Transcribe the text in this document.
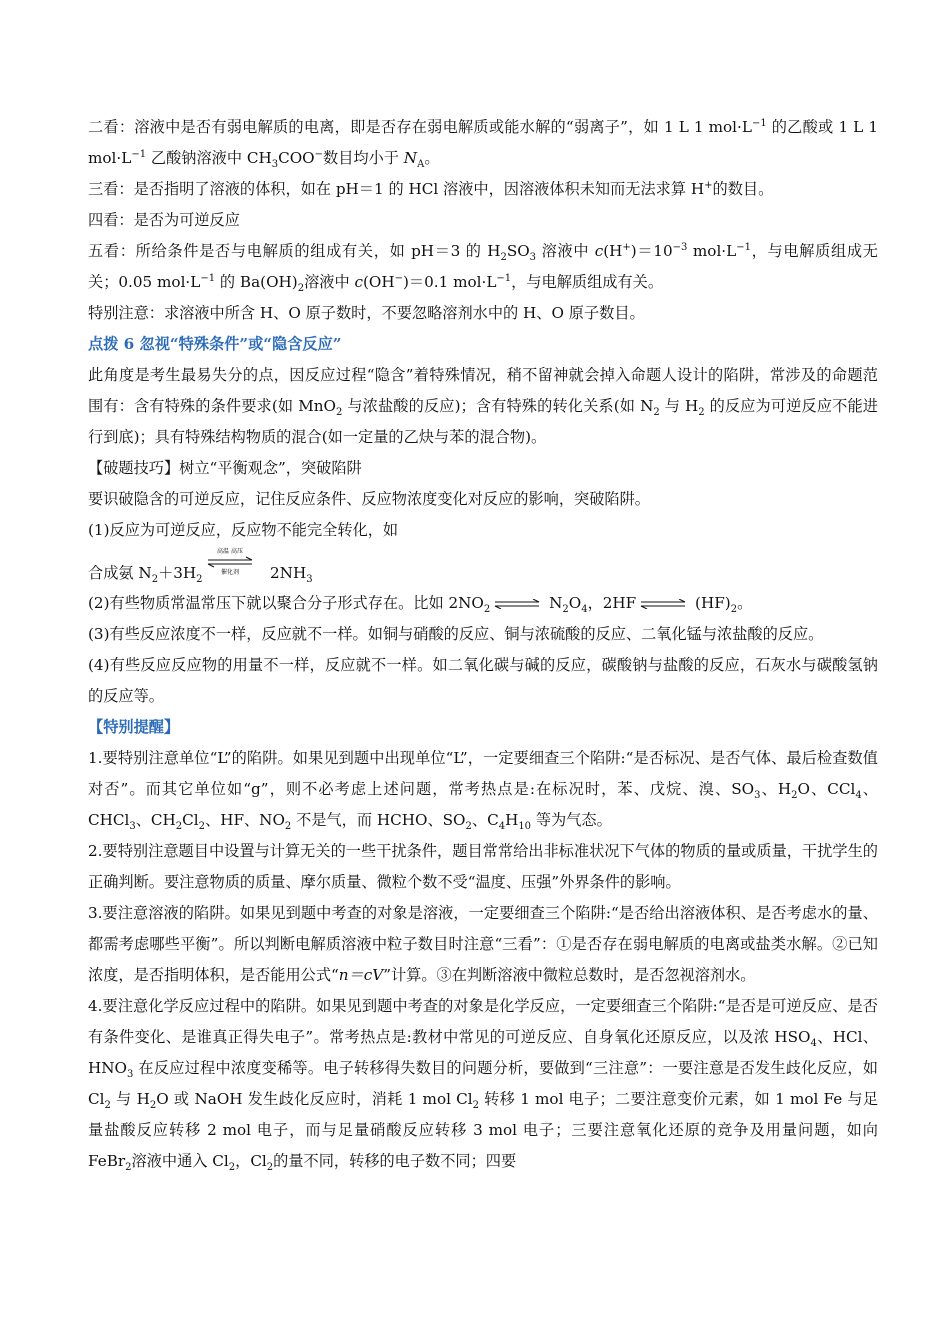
二看：溶液中是否有弱电解质的电离，即是否存在弱电解质或能水解的“弱离子”，如 1 L 1 $mol\cdot L^{-1}$ 的乙酸或 1 L 1 $mol\cdot L^{-1}$ 乙酸钠溶液中 $CH_3COO^-$数目均小于 $N_A$。

三看：是否指明了溶液的体积，如在 pH＝1 的 HCl 溶液中，因溶液体积未知而无法求算 H+的数目。

四看：是否为可逆反应

五看：所给条件是否与电解质的组成有关，如 pH＝3 的 $H_2SO_3$ 溶液中 $c(H^+)=10^{-3}$ $mol\cdot L^{-1}$，与电解质组成无关；0.05 $mol\cdot L^{-1}$ 的 $Ba(OH)_2$溶液中 c(OH−)＝0.1 $mol\cdot L^{-1}$，与电解质组成有关。

特别注意：求溶液中所含 H、O 原子数时，不要忽略溶剂水中的 H、O 原子数目。

点拨 6 忽视“特殊条件”或“隐含反应”

此角度是考生最易失分的点，因反应过程“隐含”着特殊情况，稍不留神就会掉入命题人设计的陷阱，常涉及的命题范围有：含有特殊的条件要求(如 MnO$_2$ 与浓盐酸的反应)；含有特殊的转化关系(如 $N_2$ 与 $H_2$ 的反应为可逆反应不能进行到底)；具有特殊结构物质的混合(如一定量的乙炔与苯的混合物)。

【破题技巧】树立“平衡观念”，突破陷阱

要识破隐含的可逆反应，记住反应条件、反应物浓度变化对反应的影响，突破陷阱。

(1)反应为可逆反应，反应物不能完全转化，如

合成氨 $N_2+3H_2$
高温 高压
催化剂 $2NH_3$

(2)有些物质常温常压下就以聚合分子形式存在。比如 $2NO_2$ ⇌ $N_2O_4$，2HF ⇌ $(HF)_2$。

(3)有些反应浓度不一样，反应就不一样。如铜与硝酸的反应、铜与浓硫酸的反应、二氧化锰与浓盐酸的反应。

(4)有些反应反应物的用量不一样，反应就不一样。如二氧化碳与碱的反应，碳酸钠与盐酸的反应，石灰水与碳酸氢钠的反应等。

【特别提醒】

1.要特别注意单位“L”的陷阱。如果见到题中出现单位“L”，一定要细查三个陷阱:“是否标况、是否气体、最后检查数值对否”。而其它单位如“g”，则不必考虑上述问题，常考热点是:在标况时，苯、戊烷、溴、$SO_3$、$H_2O$、CCl$_4$、CHCl$_3$、$CH_2Cl_2$、HF、$NO_2$ 不是气，而 HCHO、$SO_2$、$C_4H_{10}$ 等为气态。

2.要特别注意题目中设置与计算无关的一些干扰条件，题目常常给出非标准状况下气体的物质的量或质量，干扰学生的正确判断。要注意物质的质量、摩尔质量、微粒个数不受“温度、压强”外界条件的影响。

3.要注意溶液的陷阱。如果见到题中考查的对象是溶液，一定要细查三个陷阱:“是否给出溶液体积、是否考虑水的量、都需考虑哪些平衡”。所以判断电解质溶液中粒子数目时注意“三看”：①是否存在弱电解质的电离或盐类水解。②已知浓度，是否指明体积，是否能用公式“n＝cV”计算。③在判断溶液中微粒总数时，是否忽视溶剂水。

4.要注意化学反应过程中的陷阱。如果见到题中考查的对象是化学反应，一定要细查三个陷阱:“是否是可逆反应、是否有条件变化、是谁真正得失电子”。常考热点是:教材中常见的可逆反应、自身氧化还原反应，以及浓 $HSO_4$、HCl、$HNO_3$ 在反应过程中浓度变稀等。电子转移得失数目的问题分析，要做到“三注意”：一要注意是否发生歧化反应，如 $Cl_2$ 与 $H_2O$ 或 NaOH 发生歧化反应时，消耗 1 mol $Cl_2$ 转移 1 mol 电子；二要注意变价元素，如 1 mol Fe 与足量盐酸反应转移 2 mol 电子，而与足量硝酸反应转移 3 mol 电子；三要注意氧化还原的竞争及用量问题，如向 FeBr$_2$溶液中通入 $Cl_2$，$Cl_2$的量不同，转移的电子数不同；四要
